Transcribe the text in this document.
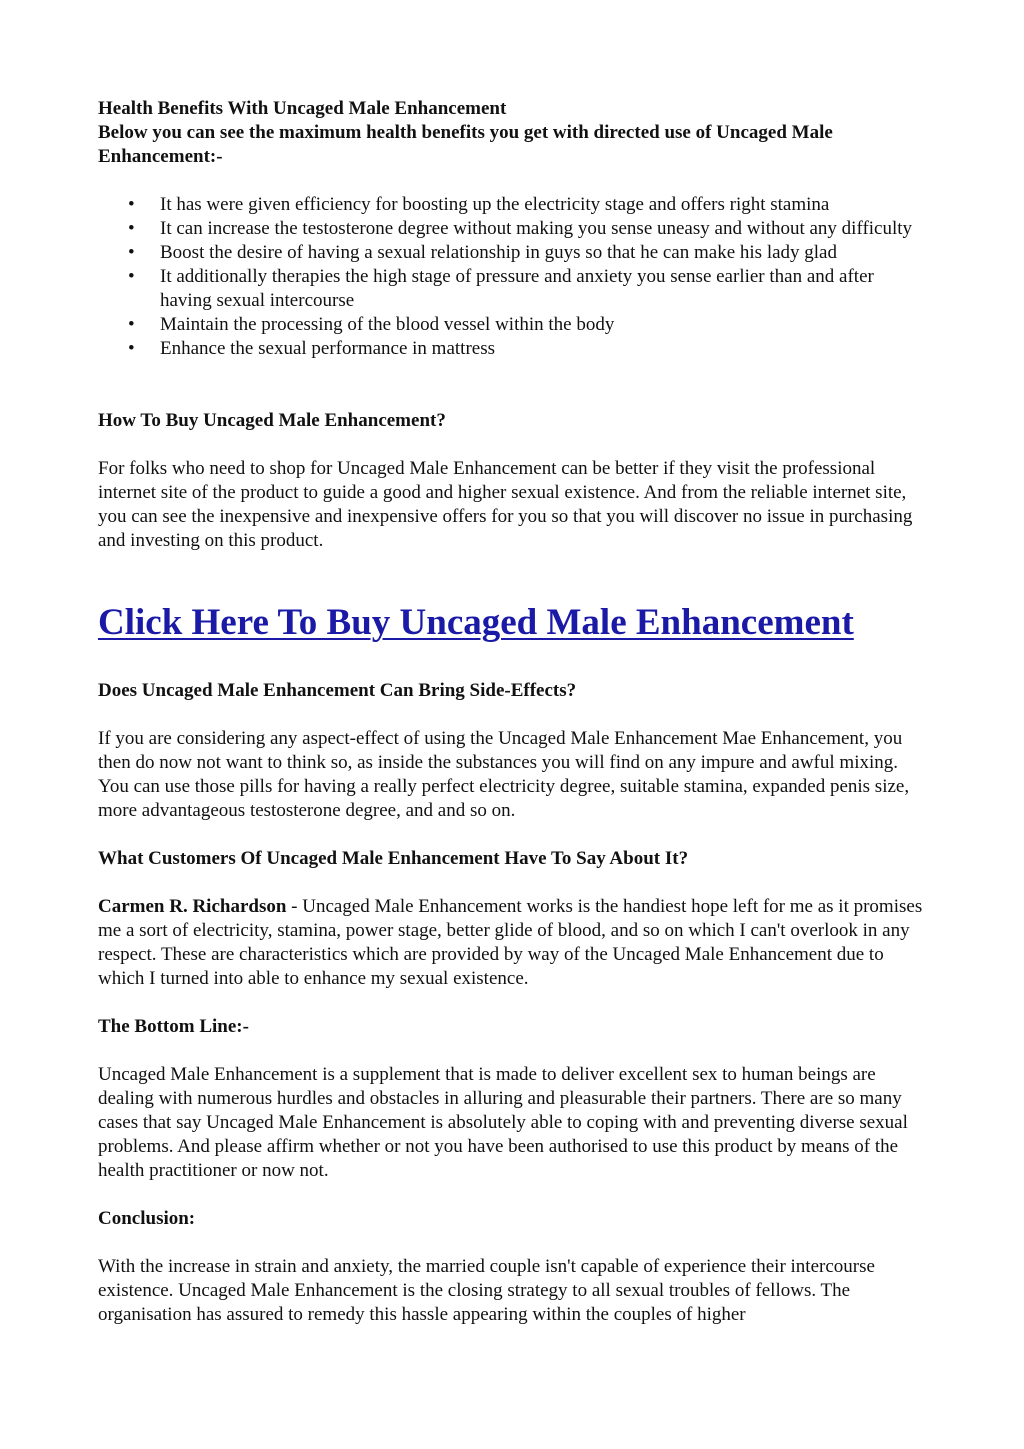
Health Benefits With Uncaged Male Enhancement

Below you can see the maximum health benefits you get with directed use of Uncaged Male Enhancement:-

• It has were given efficiency for boosting up the electricity stage and offers right stamina
• It can increase the testosterone degree without making you sense uneasy and without any difficulty
• Boost the desire of having a sexual relationship in guys so that he can make his lady glad
• It additionally therapies the high stage of pressure and anxiety you sense earlier than and after having sexual intercourse
• Maintain the processing of the blood vessel within the body
• Enhance the sexual performance in mattress

How To Buy Uncaged Male Enhancement?

For folks who need to shop for Uncaged Male Enhancement can be better if they visit the professional internet site of the product to guide a good and higher sexual existence. And from the reliable internet site, you can see the inexpensive and inexpensive offers for you so that you will discover no issue in purchasing and investing on this product.

Click Here To Buy Uncaged Male Enhancement

Does Uncaged Male Enhancement Can Bring Side-Effects?

If you are considering any aspect-effect of using the Uncaged Male Enhancement Mae Enhancement, you then do now not want to think so, as inside the substances you will find on any impure and awful mixing. You can use those pills for having a really perfect electricity degree, suitable stamina, expanded penis size, more advantageous testosterone degree, and and so on.

What Customers Of Uncaged Male Enhancement Have To Say About It?

Carmen R. Richardson - Uncaged Male Enhancement works is the handiest hope left for me as it promises me a sort of electricity, stamina, power stage, better glide of blood, and so on which I can't overlook in any respect. These are characteristics which are provided by way of the Uncaged Male Enhancement due to which I turned into able to enhance my sexual existence.

The Bottom Line:-

Uncaged Male Enhancement is a supplement that is made to deliver excellent sex to human beings are dealing with numerous hurdles and obstacles in alluring and pleasurable their partners. There are so many cases that say Uncaged Male Enhancement is absolutely able to coping with and preventing diverse sexual problems. And please affirm whether or not you have been authorised to use this product by means of the health practitioner or now not.

Conclusion:

With the increase in strain and anxiety, the married couple isn't capable of experience their intercourse existence. Uncaged Male Enhancement is the closing strategy to all sexual troubles of fellows. The organisation has assured to remedy this hassle appearing within the couples of higher
